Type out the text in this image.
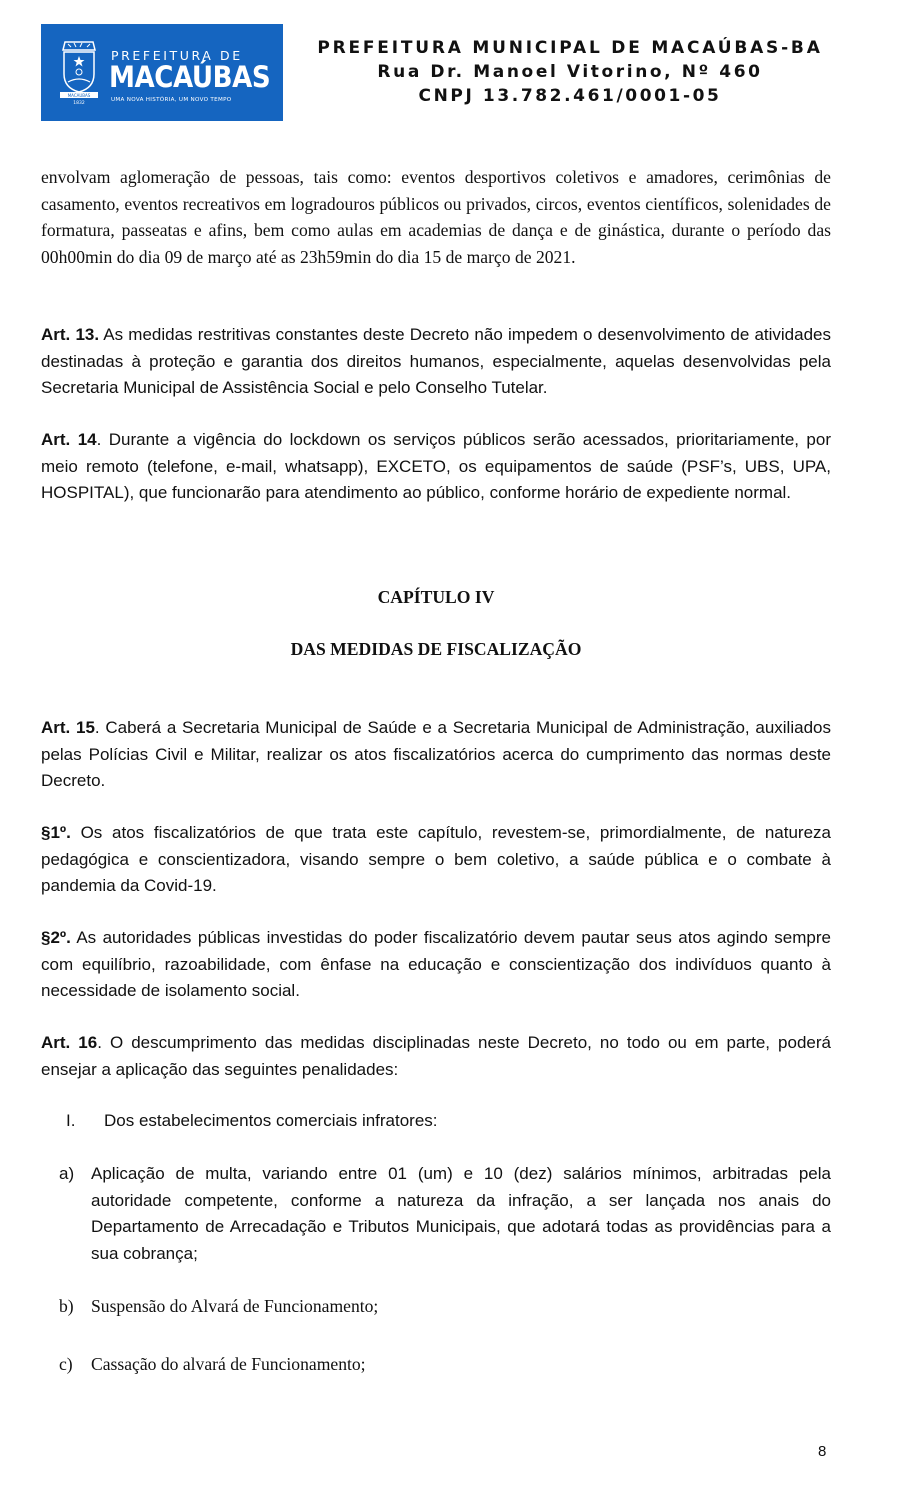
MACAUBAS
1832
PREFEITURA DE
MACAÚBAS
UMA NOVA HISTÓRIA, UM NOVO TEMPO
PREFEITURA MUNICIPAL DE MACAÚBAS-BA
Rua Dr. Manoel Vitorino, Nº 460
CNPJ 13.782.461/0001-05

envolvam aglomeração de pessoas, tais como: eventos desportivos coletivos e amadores, cerimônias de casamento, eventos recreativos em logradouros públicos ou privados, circos, eventos científicos, solenidades de formatura, passeatas e afins, bem como aulas em academias de dança e de ginástica, durante o período das 00h00min do dia 09 de março até as 23h59min do dia 15 de março de 2021.

Art. 13. As medidas restritivas constantes deste Decreto não impedem o desenvolvimento de atividades destinadas à proteção e garantia dos direitos humanos, especialmente, aquelas desenvolvidas pela Secretaria Municipal de Assistência Social e pelo Conselho Tutelar.

Art. 14. Durante a vigência do lockdown os serviços públicos serão acessados, prioritariamente, por meio remoto (telefone, e-mail, whatsapp), EXCETO, os equipamentos de saúde (PSF’s, UBS, UPA, HOSPITAL), que funcionarão para atendimento ao público, conforme horário de expediente normal.

CAPÍTULO IV
DAS MEDIDAS DE FISCALIZAÇÃO

Art. 15. Caberá a Secretaria Municipal de Saúde e a Secretaria Municipal de Administração, auxiliados pelas Polícias Civil e Militar, realizar os atos fiscalizatórios acerca do cumprimento das normas deste Decreto.

§1º. Os atos fiscalizatórios de que trata este capítulo, revestem-se, primordialmente, de natureza pedagógica e conscientizadora, visando sempre o bem coletivo, a saúde pública e o combate à pandemia da Covid-19.

§2º. As autoridades públicas investidas do poder fiscalizatório devem pautar seus atos agindo sempre com equilíbrio, razoabilidade, com ênfase na educação e conscientização dos indivíduos quanto à necessidade de isolamento social.

Art. 16. O descumprimento das medidas disciplinadas neste Decreto, no todo ou em parte, poderá ensejar a aplicação das seguintes penalidades:

I. Dos estabelecimentos comerciais infratores:
a) Aplicação de multa, variando entre 01 (um) e 10 (dez) salários mínimos, arbitradas pela autoridade competente, conforme a natureza da infração, a ser lançada nos anais do Departamento de Arrecadação e Tributos Municipais, que adotará todas as providências para a sua cobrança;

b) Suspensão do Alvará de Funcionamento;
c) Cassação do alvará de Funcionamento;
8
